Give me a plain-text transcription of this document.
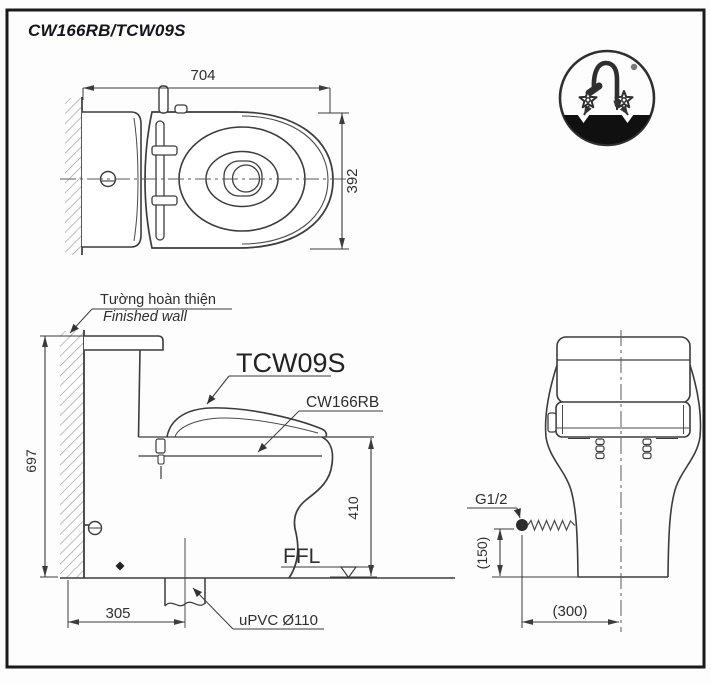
CW166RB/TCW09S
704
392
Tường hoàn thiện
Finished wall
TCW09S
CW166RB
FFL
697
410
305	uPVC Ø110
G1/2
(150)
(300)
